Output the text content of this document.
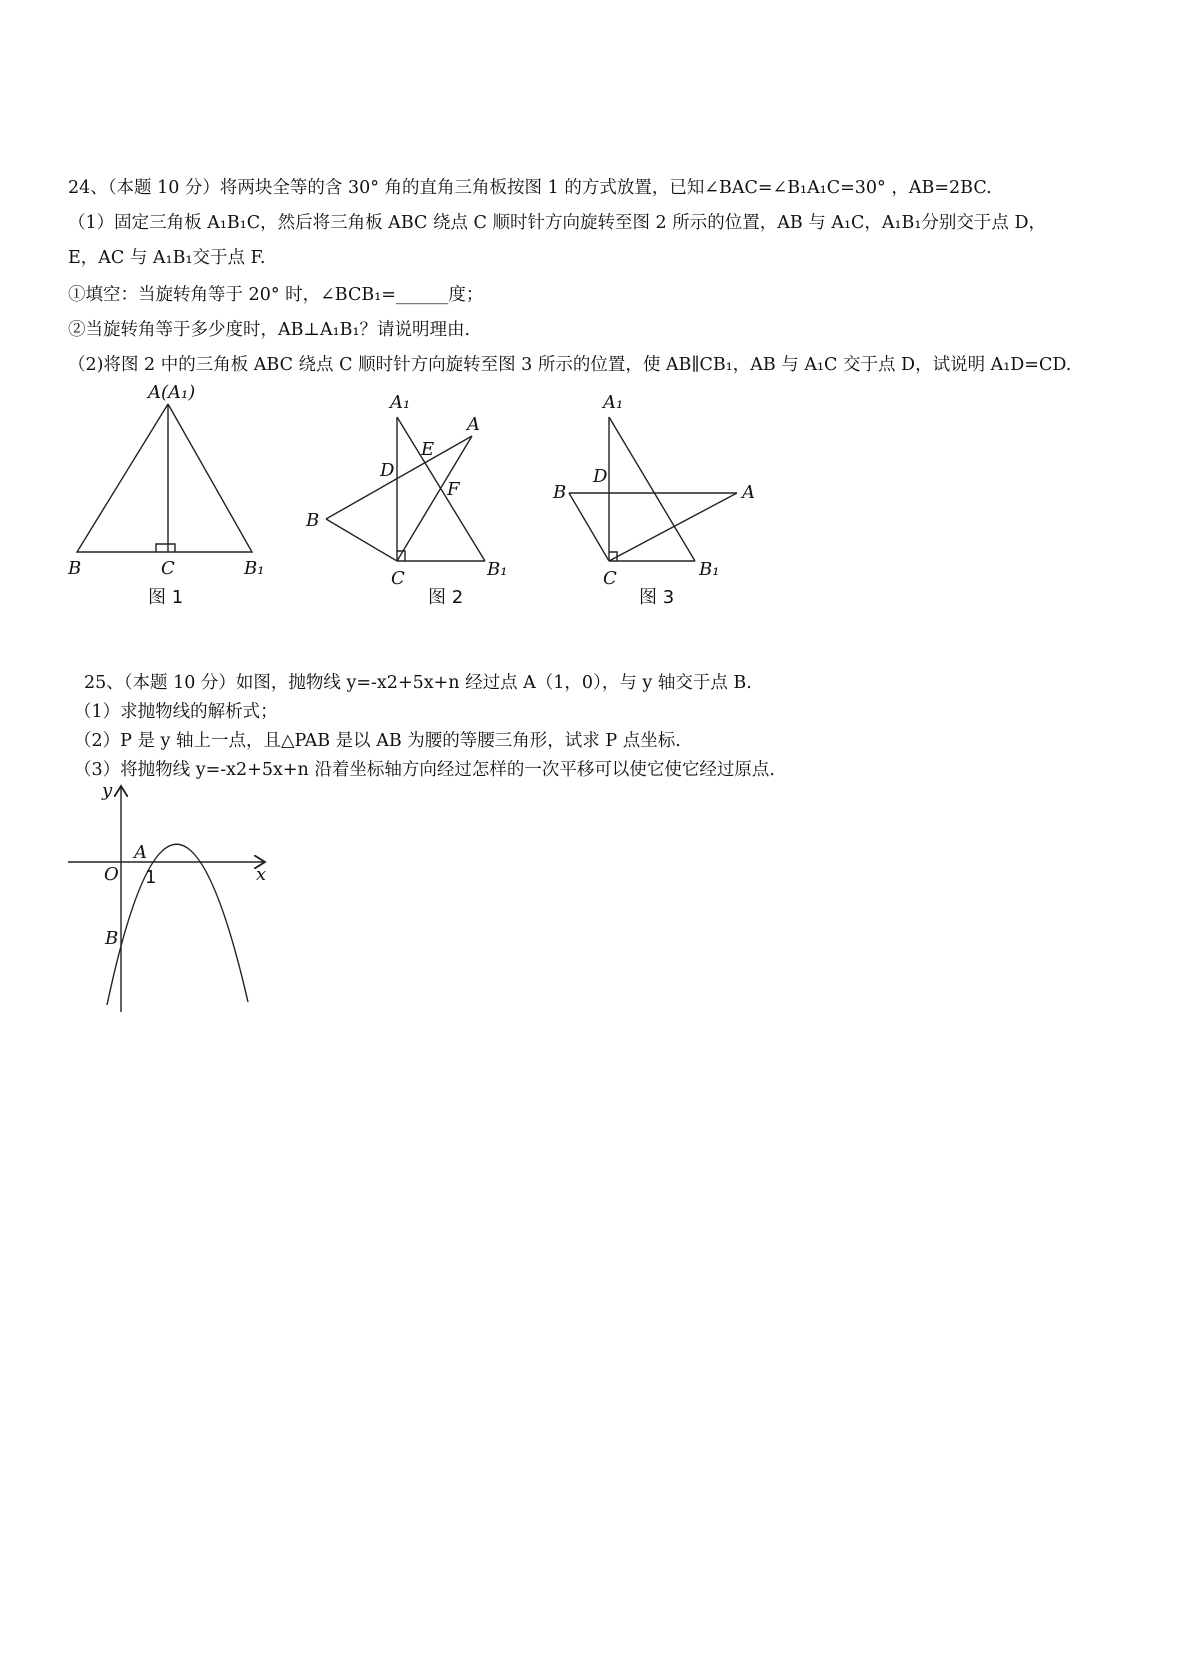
24、（本题 10 分）将两块全等的含 30° 角的直角三角板按图 1 的方式放置，已知∠BAC=∠B₁A₁C=30° ，AB=2BC.
（1）固定三角板 A₁B₁C，然后将三角板 ABC 绕点 C 顺时针方向旋转至图 2 所示的位置，AB 与 A₁C，A₁B₁分别交于点 D，
E，AC 与 A₁B₁交于点 F.
①填空：当旋转角等于 20° 时，∠BCB₁=______度；
②当旋转角等于多少度时，AB⊥A₁B₁？请说明理由.
（2)将图 2 中的三角板 ABC 绕点 C 顺时针方向旋转至图 3 所示的位置，使 AB∥CB₁，AB 与 A₁C 交于点 D，试说明 A₁D=CD.
A(A₁)
B	C	B₁
图 1
A₁
A
E
D
F
B
C	B₁
图 2
A₁
D
B	A
C	B₁
图 3
25、（本题 10 分）如图，抛物线 y=-x2+5x+n 经过点 A（1，0），与 y 轴交于点 B.
（1）求抛物线的解析式；
（2）P 是 y 轴上一点，且△PAB 是以 AB 为腰的等腰三角形，试求 P 点坐标.
（3）将抛物线 y=-x2+5x+n 沿着坐标轴方向经过怎样的一次平移可以使它使它经过原点.
y
x
O
A
1
B
